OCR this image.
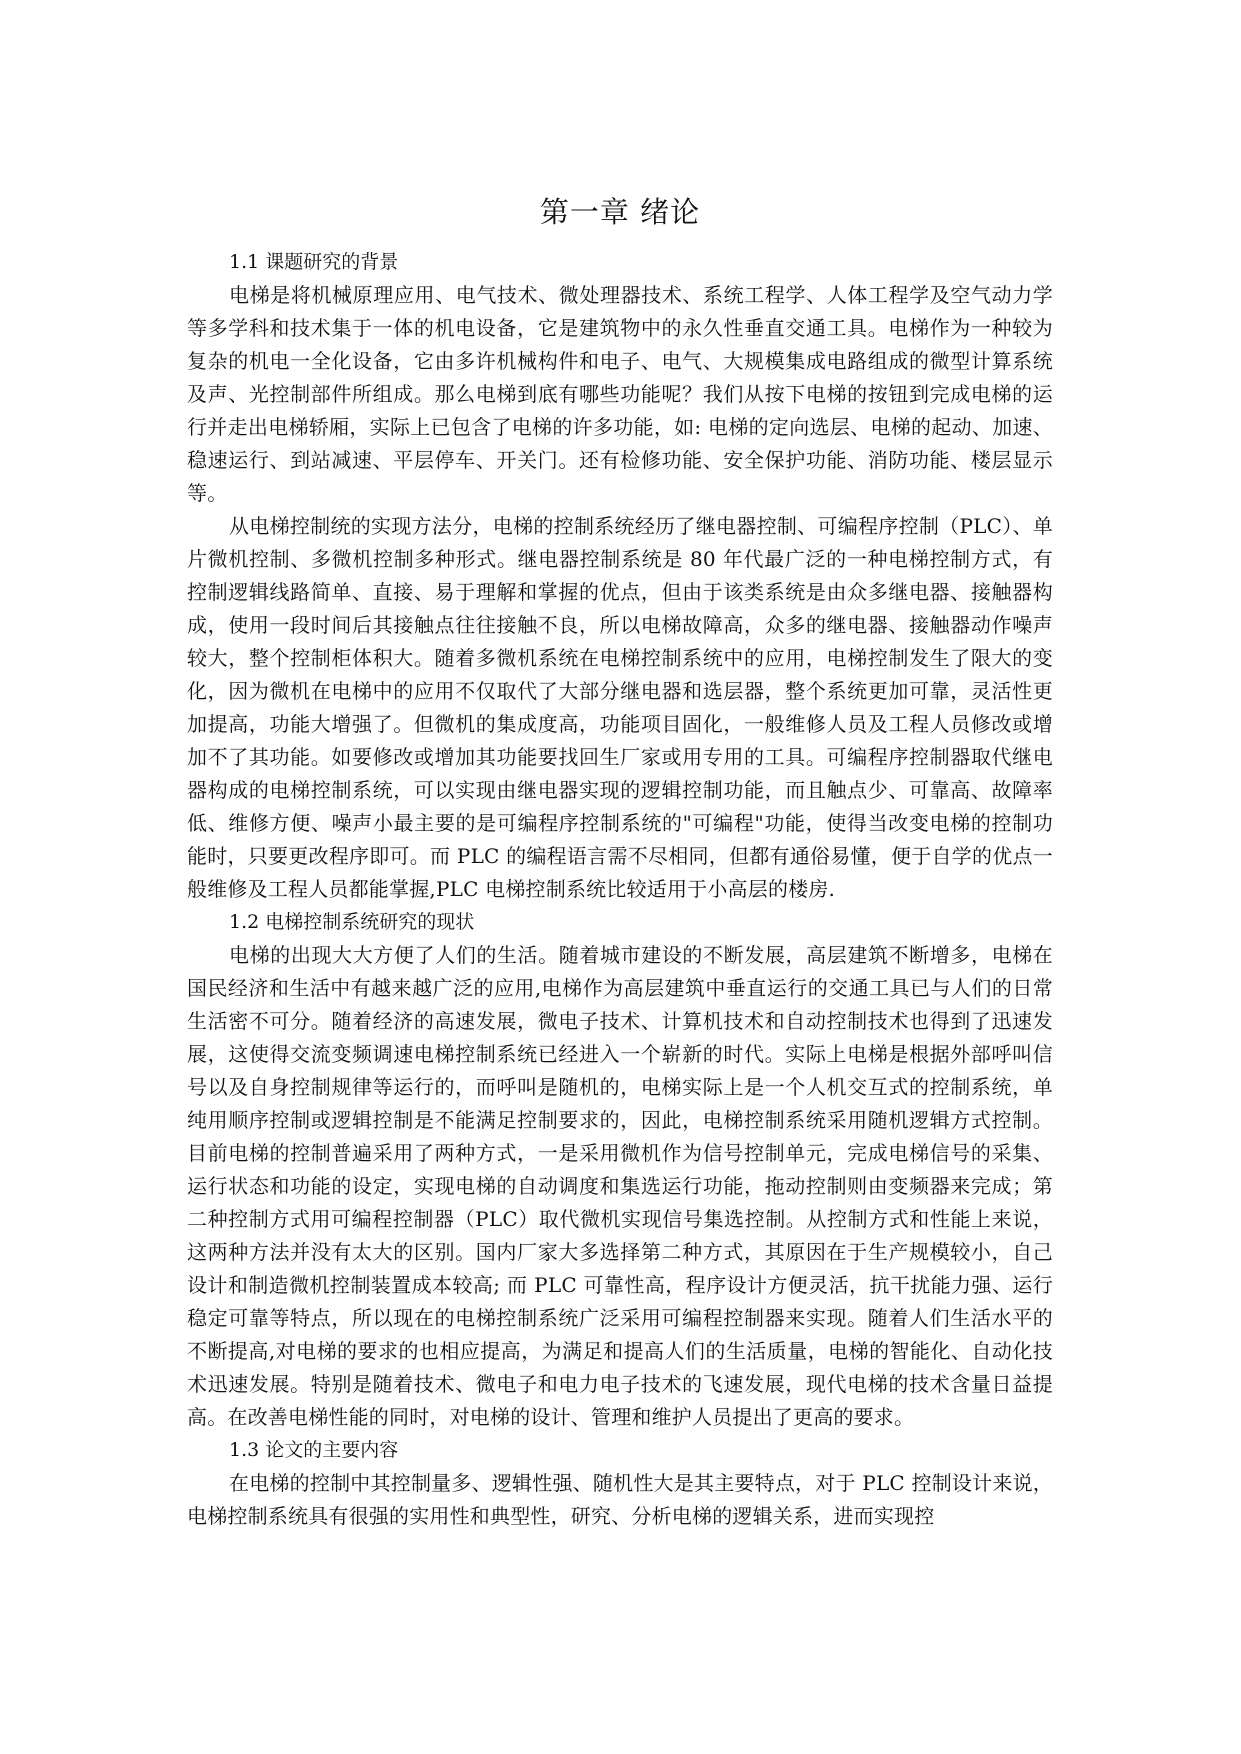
第一章 绪论

1.1 课题研究的背景

电梯是将机械原理应用、电气技术、微处理器技术、系统工程学、人体工程学及空气动力学等多学科和技术集于一体的机电设备，它是建筑物中的永久性垂直交通工具。电梯作为一种较为复杂的机电一全化设备，它由多许机械构件和电子、电气、大规模集成电路组成的微型计算系统及声、光控制部件所组成。那么电梯到底有哪些功能呢？我们从按下电梯的按钮到完成电梯的运行并走出电梯轿厢，实际上已包含了电梯的许多功能，如: 电梯的定向选层、电梯的起动、加速、稳速运行、到站减速、平层停车、开关门。还有检修功能、安全保护功能、消防功能、楼层显示等。

从电梯控制统的实现方法分，电梯的控制系统经历了继电器控制、可编程序控制（PLC）、单片微机控制、多微机控制多种形式。继电器控制系统是 80 年代最广泛的一种电梯控制方式，有控制逻辑线路简单、直接、易于理解和掌握的优点，但由于该类系统是由众多继电器、接触器构成，使用一段时间后其接触点往往接触不良，所以电梯故障高，众多的继电器、接触器动作噪声较大，整个控制柜体积大。随着多微机系统在电梯控制系统中的应用，电梯控制发生了限大的变化，因为微机在电梯中的应用不仅取代了大部分继电器和选层器，整个系统更加可靠，灵活性更加提高，功能大增强了。但微机的集成度高，功能项目固化，一般维修人员及工程人员修改或增加不了其功能。如要修改或增加其功能要找回生厂家或用专用的工具。可编程序控制器取代继电器构成的电梯控制系统，可以实现由继电器实现的逻辑控制功能，而且触点少、可靠高、故障率低、维修方便、噪声小最主要的是可编程序控制系统的"可编程"功能，使得当改变电梯的控制功能时，只要更改程序即可。而 PLC 的编程语言需不尽相同，但都有通俗易懂，便于自学的优点一般维修及工程人员都能掌握,PLC 电梯控制系统比较适用于小高层的楼房.

1.2 电梯控制系统研究的现状

电梯的出现大大方便了人们的生活。随着城市建设的不断发展，高层建筑不断增多，电梯在国民经济和生活中有越来越广泛的应用,电梯作为高层建筑中垂直运行的交通工具已与人们的日常生活密不可分。随着经济的高速发展，微电子技术、计算机技术和自动控制技术也得到了迅速发展，这使得交流变频调速电梯控制系统已经进入一个崭新的时代。实际上电梯是根据外部呼叫信号以及自身控制规律等运行的，而呼叫是随机的，电梯实际上是一个人机交互式的控制系统，单纯用顺序控制或逻辑控制是不能满足控制要求的，因此，电梯控制系统采用随机逻辑方式控制。目前电梯的控制普遍采用了两种方式，一是采用微机作为信号控制单元，完成电梯信号的采集、运行状态和功能的设定，实现电梯的自动调度和集选运行功能，拖动控制则由变频器来完成；第二种控制方式用可编程控制器（PLC）取代微机实现信号集选控制。从控制方式和性能上来说，这两种方法并没有太大的区别。国内厂家大多选择第二种方式，其原因在于生产规模较小，自己设计和制造微机控制装置成本较高; 而 PLC 可靠性高，程序设计方便灵活，抗干扰能力强、运行稳定可靠等特点，所以现在的电梯控制系统广泛采用可编程控制器来实现。随着人们生活水平的不断提高,对电梯的要求的也相应提高，为满足和提高人们的生活质量，电梯的智能化、自动化技术迅速发展。特别是随着技术、微电子和电力电子技术的飞速发展，现代电梯的技术含量日益提高。在改善电梯性能的同时，对电梯的设计、管理和维护人员提出了更高的要求。

1.3 论文的主要内容

在电梯的控制中其控制量多、逻辑性强、随机性大是其主要特点，对于 PLC 控制设计来说，电梯控制系统具有很强的实用性和典型性，研究、分析电梯的逻辑关系，进而实现控
